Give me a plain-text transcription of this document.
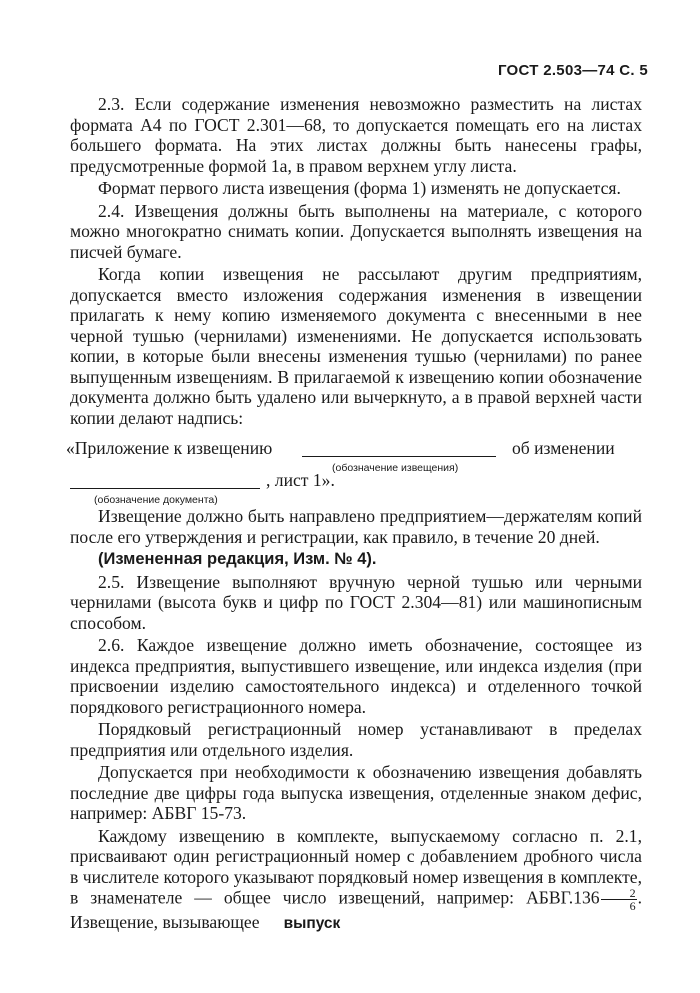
ГОСТ 2.503—74 С. 5

2.3. Если содержание изменения невозможно разместить на листах формата А4 по ГОСТ 2.301—68, то допускается помещать его на листах большего формата. На этих листах должны быть нанесены графы, предусмотренные формой 1а, в правом верхнем углу листа.

Формат первого листа извещения (форма 1) изменять не допускается.

2.4. Извещения должны быть выполнены на материале, с которого можно многократно снимать копии. Допускается выполнять извещения на писчей бумаге.

Когда копии извещения не рассылают другим предприятиям, допускается вместо изложения содержания изменения в извещении прилагать к нему копию изменяемого документа с внесенными в нее черной тушью (чернилами) изменениями. Не допускается использовать копии, в которые были внесены изменения тушью (чернилами) по ранее выпущенным извещениям. В прилагаемой к извещению копии обозначение документа должно быть удалено или вычеркнуто, а в правой верхней части копии делают надпись:

«Приложение к извещению
(обозначение извещения)
об изменении
(обозначение документа)
, лист 1».

Извещение должно быть направлено предприятием—держателям копий после его утверждения и регистрации, как правило, в течение 20 дней.

(Измененная редакция, Изм. № 4).

2.5. Извещение выполняют вручную черной тушью или черными чернилами (высота букв и цифр по ГОСТ 2.304—81) или машинописным способом.

2.6. Каждое извещение должно иметь обозначение, состоящее из индекса предприятия, выпустившего извещение, или индекса изделия (при присвоении изделию самостоятельного индекса) и отделенного точкой порядкового регистрационного номера.

Порядковый регистрационный номер устанавливают в пределах предприятия или отдельного изделия.

Допускается при необходимости к обозначению извещения добавлять последние две цифры года выпуска извещения, отделенные знаком дефис, например: АБВГ 15-73.

Каждому извещению в комплекте, выпускаемому согласно п. 2.1, присваивают один регистрационный номер с добавлением дробного числа в числителе которого указывают порядковый номер извещения в комплекте, в знаменателе — общее число извещений, например: АБВГ.136 $\frac{2}{6}$ . Извещение, вызывающее выпуск
